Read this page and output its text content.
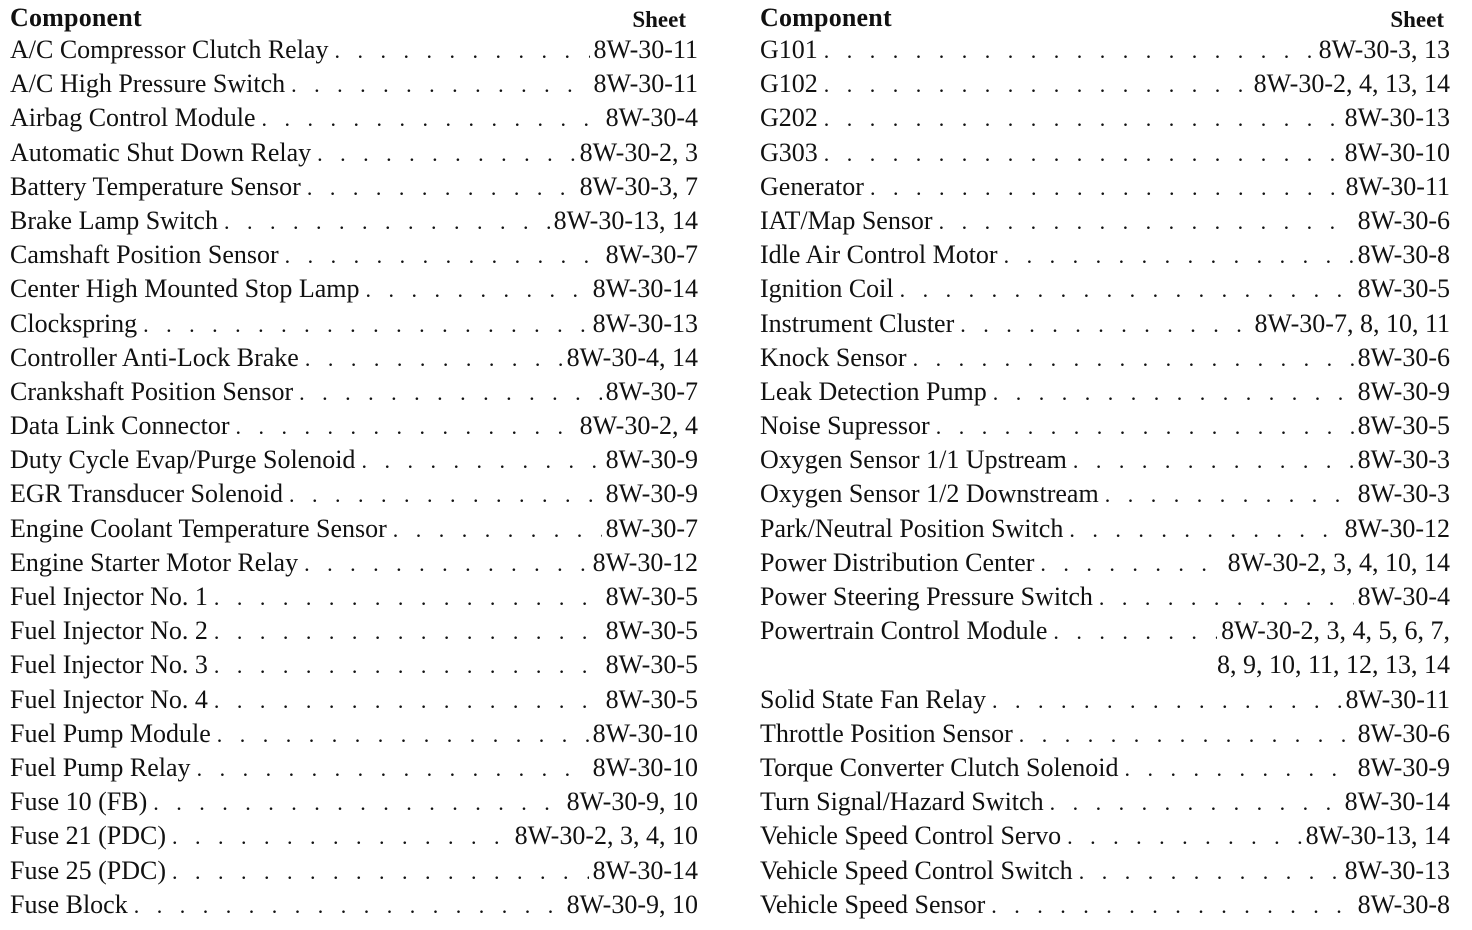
Component	Sheet
A/C Compressor Clutch Relay . . .	8W-30-11
A/C High Pressure Switch . . .	8W-30-11
Airbag Control Module . . .	8W-30-4
Automatic Shut Down Relay . . .	8W-30-2, 3
Battery Temperature Sensor . . .	8W-30-3, 7
Brake Lamp Switch . . .	8W-30-13, 14
Camshaft Position Sensor . . .	8W-30-7
Center High Mounted Stop Lamp . . .	8W-30-14
Clockspring . . .	8W-30-13
Controller Anti-Lock Brake . . .	8W-30-4, 14
Crankshaft Position Sensor . . .	8W-30-7
Data Link Connector . . .	8W-30-2, 4
Duty Cycle Evap/Purge Solenoid . . .	8W-30-9
EGR Transducer Solenoid . . .	8W-30-9
Engine Coolant Temperature Sensor . . .	8W-30-7
Engine Starter Motor Relay . . .	8W-30-12
Fuel Injector No. 1 . . .	8W-30-5
Fuel Injector No. 2 . . .	8W-30-5
Fuel Injector No. 3 . . .	8W-30-5
Fuel Injector No. 4 . . .	8W-30-5
Fuel Pump Module . . .	8W-30-10
Fuel Pump Relay . . .	8W-30-10
Fuse 10 (FB) . . .	8W-30-9, 10
Fuse 21 (PDC) . . .	8W-30-2, 3, 4, 10
Fuse 25 (PDC) . . .	8W-30-14
Fuse Block . . .	8W-30-9, 10
Component	Sheet
G101 . . .	8W-30-3, 13
G102 . . .	8W-30-2, 4, 13, 14
G202 . . .	8W-30-13
G303 . . .	8W-30-10
Generator . . .	8W-30-11
IAT/Map Sensor . . .	8W-30-6
Idle Air Control Motor . . .	8W-30-8
Ignition Coil . . .	8W-30-5
Instrument Cluster . . .	8W-30-7, 8, 10, 11
Knock Sensor . . .	8W-30-6
Leak Detection Pump . . .	8W-30-9
Noise Supressor . . .	8W-30-5
Oxygen Sensor 1/1 Upstream . . .	8W-30-3
Oxygen Sensor 1/2 Downstream . . .	8W-30-3
Park/Neutral Position Switch . . .	8W-30-12
Power Distribution Center . . .	8W-30-2, 3, 4, 10, 14
Power Steering Pressure Switch . . .	8W-30-4
Powertrain Control Module . . .	8W-30-2, 3, 4, 5, 6, 7,
8, 9, 10, 11, 12, 13, 14
Solid State Fan Relay . . .	8W-30-11
Throttle Position Sensor . . .	8W-30-6
Torque Converter Clutch Solenoid . . .	8W-30-9
Turn Signal/Hazard Switch . . .	8W-30-14
Vehicle Speed Control Servo . . .	8W-30-13, 14
Vehicle Speed Control Switch . . .	8W-30-13
Vehicle Speed Sensor . . .	8W-30-8
